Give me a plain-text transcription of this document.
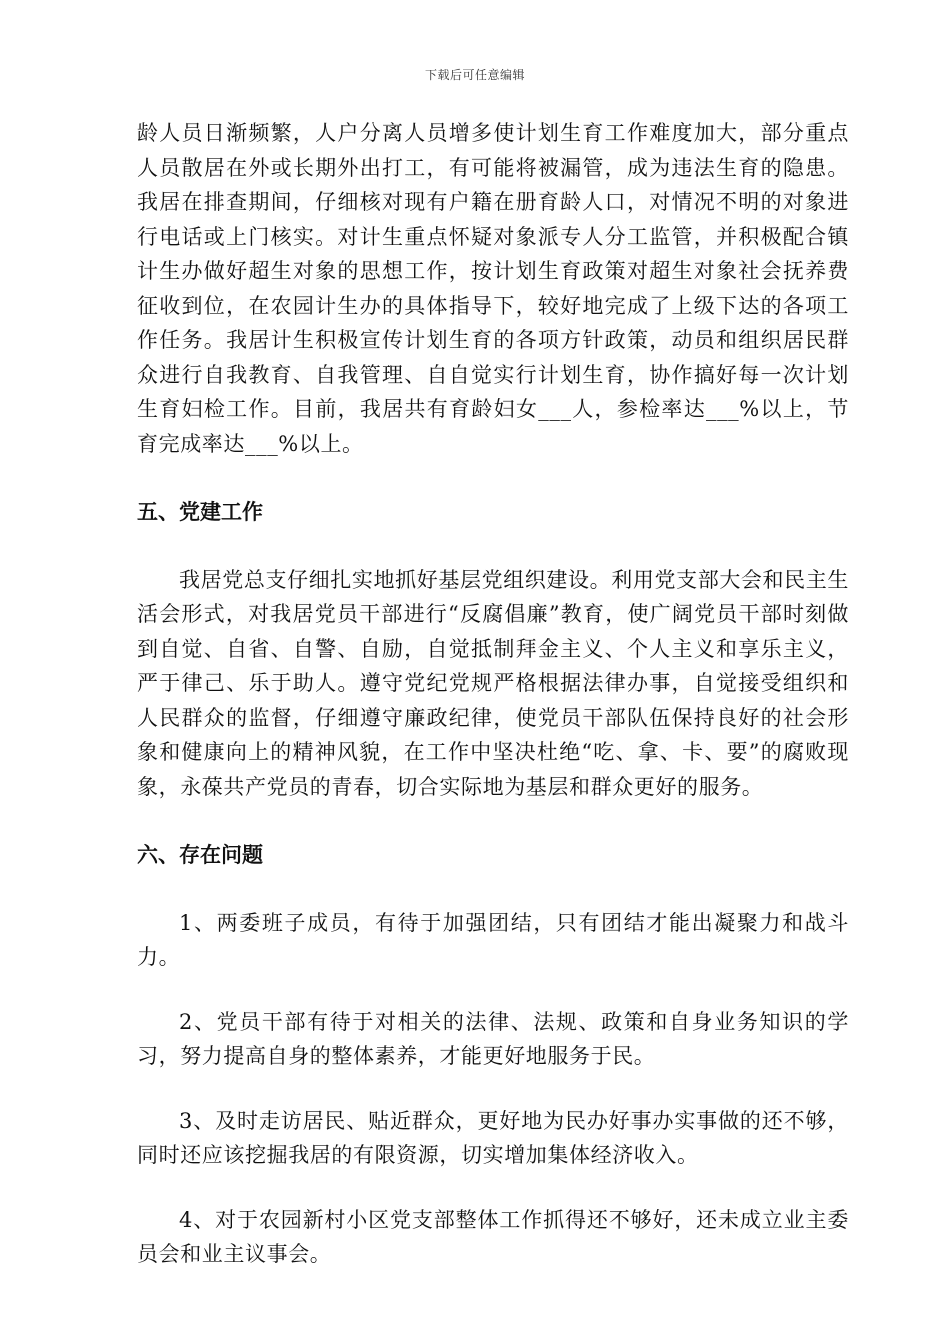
下载后可任意编辑

龄人员日渐频繁，人户分离人员增多使计划生育工作难度加大，部分重点人员散居在外或长期外出打工，有可能将被漏管，成为违法生育的隐患。我居在排查期间，仔细核对现有户籍在册育龄人口，对情况不明的对象进行电话或上门核实。对计生重点怀疑对象派专人分工监管，并积极配合镇计生办做好超生对象的思想工作，按计划生育政策对超生对象社会抚养费征收到位，在农园计生办的具体指导下，较好地完成了上级下达的各项工作任务。我居计生积极宣传计划生育的各项方针政策，动员和组织居民群众进行自我教育、自我管理、自自觉实行计划生育，协作搞好每一次计划生育妇检工作。目前，我居共有育龄妇女___人，参检率达___%以上，节育完成率达___%以上。

五、党建工作

我居党总支仔细扎实地抓好基层党组织建设。利用党支部大会和民主生活会形式，对我居党员干部进行“反腐倡廉”教育，使广阔党员干部时刻做到自觉、自省、自警、自励，自觉抵制拜金主义、个人主义和享乐主义，严于律己、乐于助人。遵守党纪党规严格根据法律办事，自觉接受组织和人民群众的监督，仔细遵守廉政纪律，使党员干部队伍保持良好的社会形象和健康向上的精神风貌，在工作中坚决杜绝“吃、拿、卡、要”的腐败现象，永葆共产党员的青春，切合实际地为基层和群众更好的服务。

六、存在问题

1、两委班子成员，有待于加强团结，只有团结才能出凝聚力和战斗力。

2、党员干部有待于对相关的法律、法规、政策和自身业务知识的学习，努力提高自身的整体素养，才能更好地服务于民。

3、及时走访居民、贴近群众，更好地为民办好事办实事做的还不够，同时还应该挖掘我居的有限资源，切实增加集体经济收入。

4、对于农园新村小区党支部整体工作抓得还不够好，还未成立业主委员会和业主议事会。
